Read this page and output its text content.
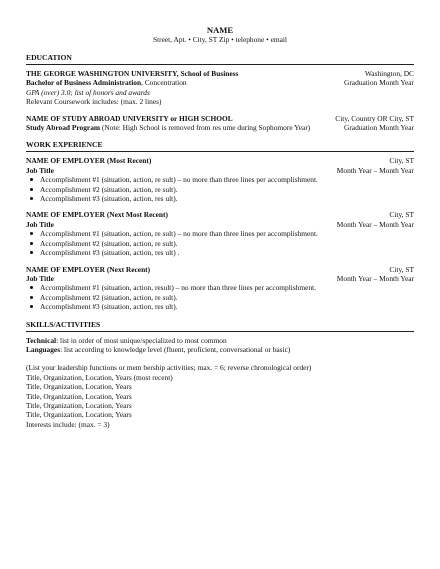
NAME
Street, Apt. • City, ST Zip • telephone • email
EDUCATION
THE GEORGE WASHINGTON UNIVERSITY, School of Business	Washington, DC
Bachelor of Business Administration, Concentration	Graduation Month Year
GPA (over) 3.0; list of honors and awards
Relevant Coursework includes: (max. 2 lines)
NAME OF STUDY ABROAD UNIVERSITY or HIGH SCHOOL	City, Country OR City, ST
Study Abroad Program (Note: High School is removed from res ume during Sophomore Year)	Graduation Month Year
WORK EXPERIENCE
NAME OF EMPLOYER (Most Recent)	City, ST
Job Title	Month Year – Month Year
Accomplishment #1 (situation, action, re sult) – no more than three lines per accomplishment.
Accomplishment #2 (situation, action, re sult).
Accomplishment #3 (situation, action, res ult).
NAME OF EMPLOYER (Next Most Recent)	City, ST
Job Title	Month Year – Month Year
Accomplishment #1 (situation, action, re sult) – no more than three lines per accomplishment.
Accomplishment #2 (situation, action, re sult).
Accomplishment #3 (situation, action, res ult) .
NAME OF EMPLOYER (Next Recent)	City, ST
Job Title	Month Year – Month Year
Accomplishment #1 (situation, action, result) – no more than three lines per accomplishment.
Accomplishment #2 (situation, action, re sult).
Accomplishment #3 (situation, action, res ult).
SKILLS/ACTIVITIES
Technical: list in order of most unique/specialized to most common
Languages: list according to knowledge level (fluent, proficient, conversational or basic)
(List your leadership functions or mem bership activities; max. = 6; reverse chronological order)
Title, Organization, Location, Years (most recent)
Title, Organization, Location, Years
Title, Organization, Location, Years
Title, Organization, Location, Years
Title, Organization, Location, Years
Interests include: (max. = 3)
